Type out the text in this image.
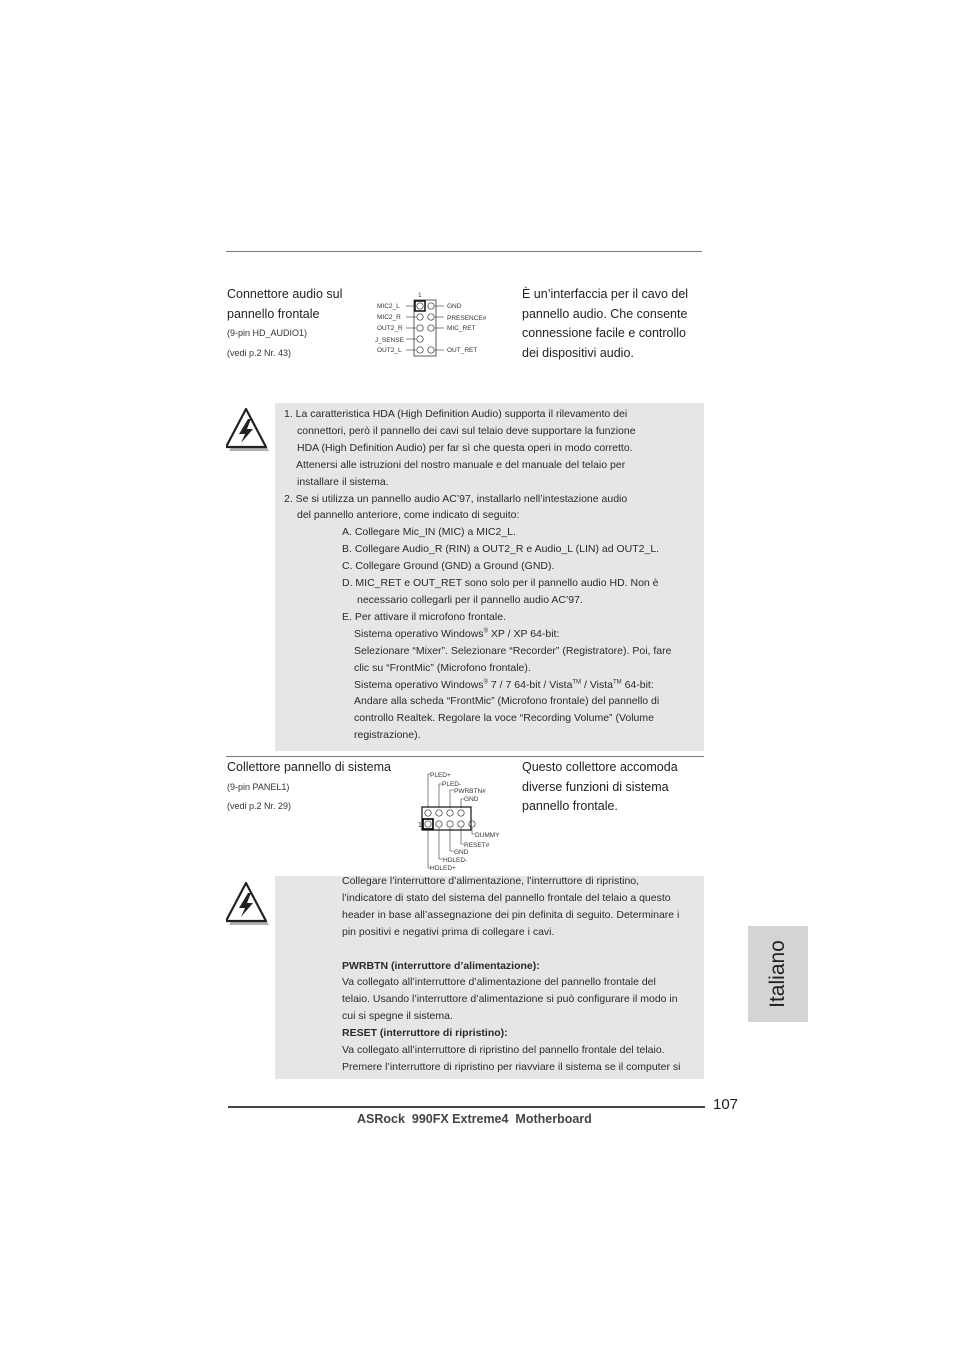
Connettore audio sul
pannello frontale
(9-pin HD_AUDIO1)
(vedi p.2 Nr. 43)
1
MIC2_L
MIC2_R
OUT2_R
J_SENSE
OUT2_L
GND
PRESENCE#
MIC_RET
OUT_RET
È un’interfaccia per il cavo del
pannello audio. Che consente
connessione facile e controllo
dei dispositivi audio.

1. La caratteristica HDA (High Definition Audio) supporta il rilevamento dei

connettori, però il pannello dei cavi sul telaio deve supportare la funzione

HDA (High Definition Audio) per far sì che questa operi in modo corretto.

Attenersi alle istruzioni del nostro manuale e del manuale del telaio per

installare il sistema.

2. Se si utilizza un pannello audio AC’97, installarlo nell’intestazione audio

del pannello anteriore, come indicato di seguito:

A. Collegare Mic_IN (MIC) a MIC2_L.

B. Collegare Audio_R (RIN) a OUT2_R e Audio_L (LIN) ad OUT2_L.

C. Collegare Ground (GND) a Ground (GND).

D. MIC_RET e OUT_RET sono solo per il pannello audio HD. Non è

necessario collegarli per il pannello audio AC’97.

E. Per attivare il microfono frontale.

Sistema operativo Windows® XP / XP 64-bit:

Selezionare “Mixer”. Selezionare “Recorder” (Registratore). Poi, fare

clic su “FrontMic” (Microfono frontale).

Sistema operativo Windows® 7 / 7 64-bit / Vista™ / Vista™ 64-bit:

Andare alla scheda “FrontMic” (Microfono frontale) del pannello di

controllo Realtek. Regolare la voce “Recording Volume” (Volume

registrazione).

Collettore pannello di sistema
(9-pin PANEL1)
(vedi p.2 Nr. 29)
PLED+
PLED-
PWRBTN#
GND
1
DUMMY
RESET#
GND
HDLED-
HDLED+
Questo collettore accomoda
diverse funzioni di sistema
pannello frontale.

Collegare l’interruttore d’alimentazione, l’interruttore di ripristino,

l’indicatore di stato del sistema del pannello frontale del telaio a questo

header in base all’assegnazione dei pin definita di seguito. Determinare i

pin positivi e negativi prima di collegare i cavi.

PWRBTN (interruttore d’alimentazione):

Va collegato all’interruttore d’alimentazione del pannello frontale del

telaio. Usando l’interruttore d’alimentazione si può configurare il modo in

cui si spegne il sistema.

RESET (interruttore di ripristino):

Va collegato all’interruttore di ripristino del pannello frontale del telaio.

Premere l’interruttore di ripristino per riavviare il sistema se il computer si

Italiano
107
ASRock  990FX Extreme4  Motherboard
